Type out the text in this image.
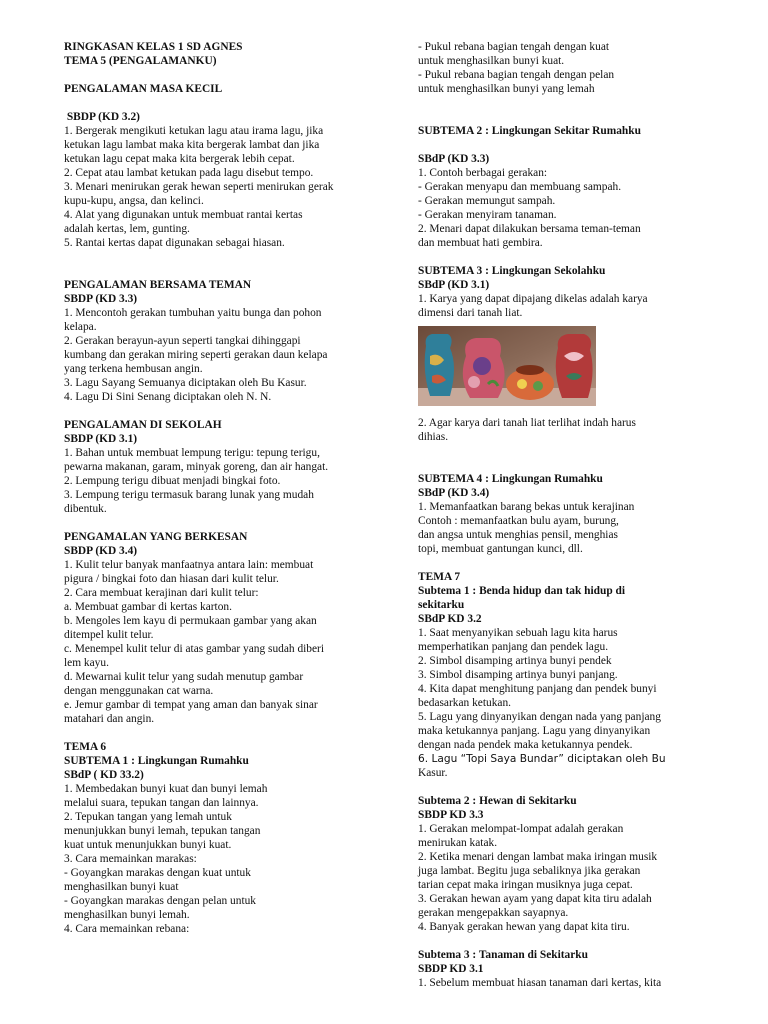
RINGKASAN KELAS 1 SD AGNES
TEMA 5 (PENGALAMANKU)
PENGALAMAN MASA KECIL
SBDP (KD 3.2)
1. Bergerak mengikuti ketukan lagu atau irama lagu, jika
ketukan lagu lambat maka kita bergerak lambat dan jika
ketukan lagu cepat maka kita bergerak lebih cepat.
2. Cepat atau lambat ketukan pada lagu disebut tempo.
3. Menari menirukan gerak hewan seperti menirukan gerak
kupu-kupu, angsa, dan kelinci.
4. Alat yang digunakan untuk membuat rantai kertas
adalah kertas, lem, gunting.
5. Rantai kertas dapat digunakan sebagai hiasan.
PENGALAMAN BERSAMA TEMAN
SBDP (KD 3.3)
1. Mencontoh gerakan tumbuhan yaitu bunga dan pohon
kelapa.
2. Gerakan berayun-ayun seperti tangkai dihinggapi
kumbang dan gerakan miring seperti gerakan daun kelapa
yang terkena hembusan angin.
3. Lagu Sayang Semuanya diciptakan oleh Bu Kasur.
4. Lagu Di Sini Senang diciptakan oleh N. N.
PENGALAMAN DI SEKOLAH
SBDP (KD 3.1)
1. Bahan untuk membuat lempung terigu: tepung terigu,
pewarna makanan, garam, minyak goreng, dan air hangat.
2. Lempung terigu dibuat menjadi bingkai foto.
3. Lempung terigu termasuk barang lunak yang mudah
dibentuk.
PENGAMALAN YANG BERKESAN
SBDP (KD 3.4)
1. Kulit telur banyak manfaatnya antara lain: membuat
pigura / bingkai foto dan hiasan dari kulit telur.
2. Cara membuat kerajinan dari kulit telur:
a. Membuat gambar di kertas karton.
b. Mengoles lem kayu di permukaan gambar yang akan
ditempel kulit telur.
c. Menempel kulit telur di atas gambar yang sudah diberi
lem kayu.
d. Mewarnai kulit telur yang sudah menutup gambar
dengan menggunakan cat warna.
e. Jemur gambar di tempat yang aman dan banyak sinar
matahari dan angin.
TEMA 6
SUBTEMA 1 : Lingkungan Rumahku
SBdP ( KD 33.2)
1. Membedakan bunyi kuat dan bunyi lemah
melalui suara, tepukan tangan dan lainnya.
2. Tepukan tangan yang lemah untuk
menunjukkan bunyi lemah, tepukan tangan
kuat untuk menunjukkan bunyi kuat.
3. Cara memainkan marakas:
- Goyangkan marakas dengan kuat untuk
menghasilkan bunyi kuat
- Goyangkan marakas dengan pelan untuk
menghasilkan bunyi lemah.
4. Cara memainkan rebana:
- Pukul rebana bagian tengah dengan kuat
untuk menghasilkan bunyi kuat.
- Pukul rebana bagian tengah dengan pelan
untuk menghasilkan bunyi yang lemah
SUBTEMA 2 : Lingkungan Sekitar Rumahku
SBdP (KD 3.3)
1. Contoh berbagai gerakan:
- Gerakan menyapu dan membuang sampah.
- Gerakan memungut sampah.
- Gerakan menyiram tanaman.
2. Menari dapat dilakukan bersama teman-teman
dan membuat hati gembira.
SUBTEMA 3 : Lingkungan Sekolahku
SBdP (KD 3.1)
1. Karya yang dapat dipajang dikelas adalah karya
dimensi dari tanah liat.
2. Agar karya dari tanah liat terlihat indah harus
dihias.
SUBTEMA 4 : Lingkungan Rumahku
SBdP (KD 3.4)
1. Memanfaatkan barang bekas untuk kerajinan
Contoh : memanfaatkan bulu ayam, burung,
dan angsa untuk menghias pensil, menghias
topi, membuat gantungan kunci, dll.
TEMA 7
Subtema 1 : Benda hidup dan tak hidup di
sekitarku
SBdP KD 3.2
1. Saat menyanyikan sebuah lagu kita harus
memperhatikan panjang dan pendek lagu.
2. Simbol disamping artinya bunyi pendek
3. Simbol disamping artinya bunyi panjang.
4. Kita dapat menghitung panjang dan pendek bunyi
bedasarkan ketukan.
5. Lagu yang dinyanyikan dengan nada yang panjang
maka ketukannya panjang. Lagu yang dinyanyikan
dengan nada pendek maka ketukannya pendek.
6. Lagu “Topi Saya Bundar” diciptakan oleh Bu
Kasur.
Subtema 2 : Hewan di Sekitarku
SBDP KD 3.3
1. Gerakan melompat-lompat adalah gerakan
menirukan katak.
2. Ketika menari dengan lambat maka iringan musik
juga lambat. Begitu juga sebaliknya jika gerakan
tarian cepat maka iringan musiknya juga cepat.
3. Gerakan hewan ayam yang dapat kita tiru adalah
gerakan mengepakkan sayapnya.
4. Banyak gerakan hewan yang dapat kita tiru.
Subtema 3 : Tanaman di Sekitarku
SBDP KD 3.1
1. Sebelum membuat hiasan tanaman dari kertas, kita
